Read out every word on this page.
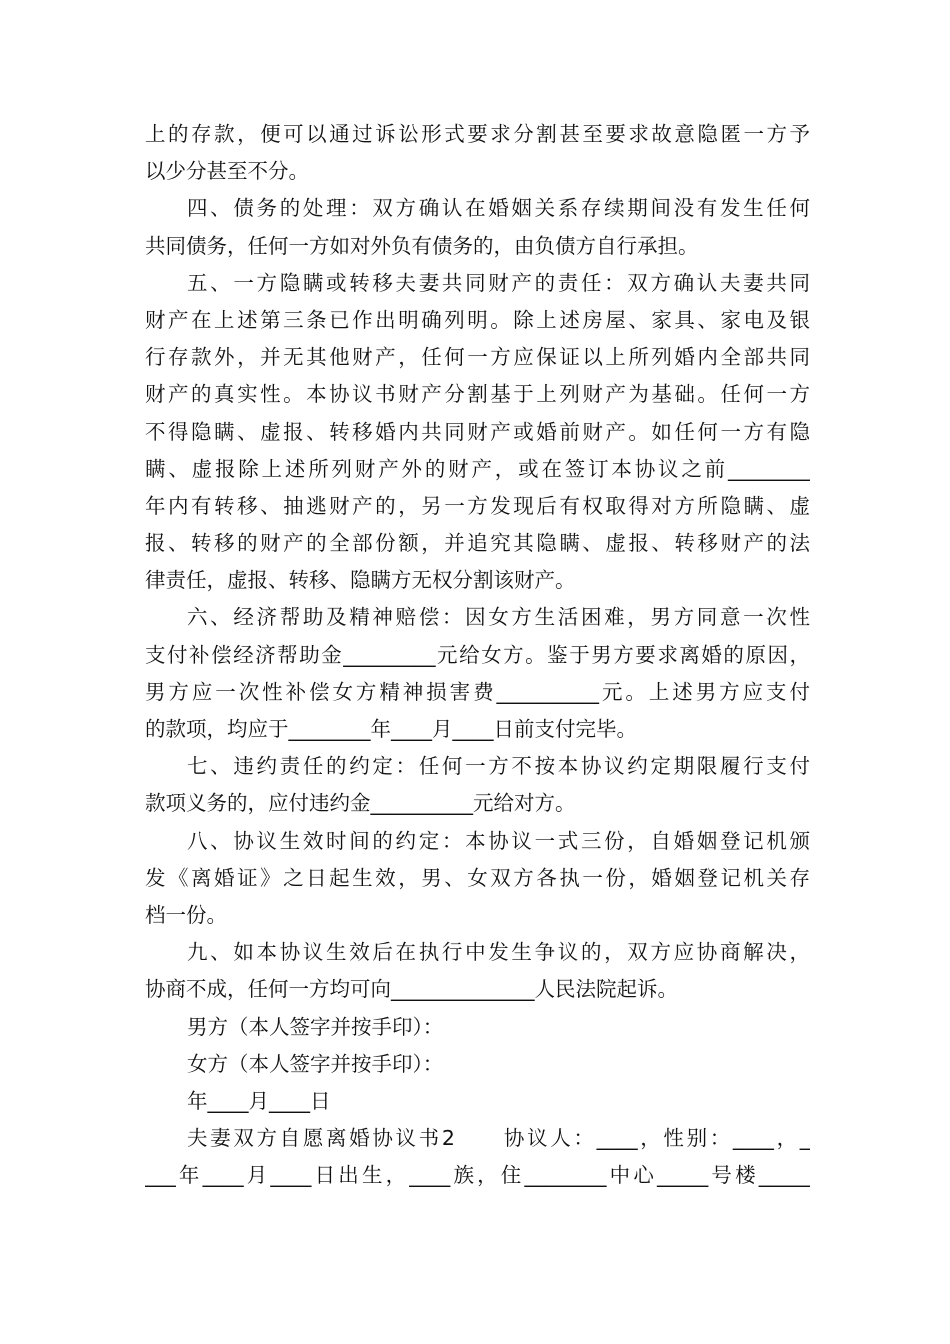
上的存款，便可以通过诉讼形式要求分割甚至要求故意隐匿一方予
以少分甚至不分。
四、债务的处理：双方确认在婚姻关系存续期间没有发生任何
共同债务，任何一方如对外负有债务的，由负债方自行承担。
五、一方隐瞒或转移夫妻共同财产的责任：双方确认夫妻共同
财产在上述第三条已作出明确列明。除上述房屋、家具、家电及银
行存款外，并无其他财产，任何一方应保证以上所列婚内全部共同
财产的真实性。本协议书财产分割基于上列财产为基础。任何一方
不得隐瞒、虚报、转移婚内共同财产或婚前财产。如任何一方有隐
瞒、虚报除上述所列财产外的财产，或在签订本协议之前________
年内有转移、抽逃财产的，另一方发现后有权取得对方所隐瞒、虚
报、转移的财产的全部份额，并追究其隐瞒、虚报、转移财产的法
律责任，虚报、转移、隐瞒方无权分割该财产。
六、经济帮助及精神赔偿：因女方生活困难，男方同意一次性
支付补偿经济帮助金_________元给女方。鉴于男方要求离婚的原因，
男方应一次性补偿女方精神损害费__________元。上述男方应支付
的款项，均应于________年____月____日前支付完毕。
七、违约责任的约定：任何一方不按本协议约定期限履行支付
款项义务的，应付违约金__________元给对方。
八、协议生效时间的约定：本协议一式三份，自婚姻登记机颁
发《离婚证》之日起生效，男、女双方各执一份，婚姻登记机关存
档一份。
九、如本协议生效后在执行中发生争议的，双方应协商解决，
协商不成，任何一方均可向______________人民法院起诉。
男方（本人签字并按手印）：
女方（本人签字并按手印）：
年____月____日
夫妻双方自愿离婚协议书2　　协议人：____，性别：____，_
___年____月____日出生，____族，住________中心_____号楼_____
